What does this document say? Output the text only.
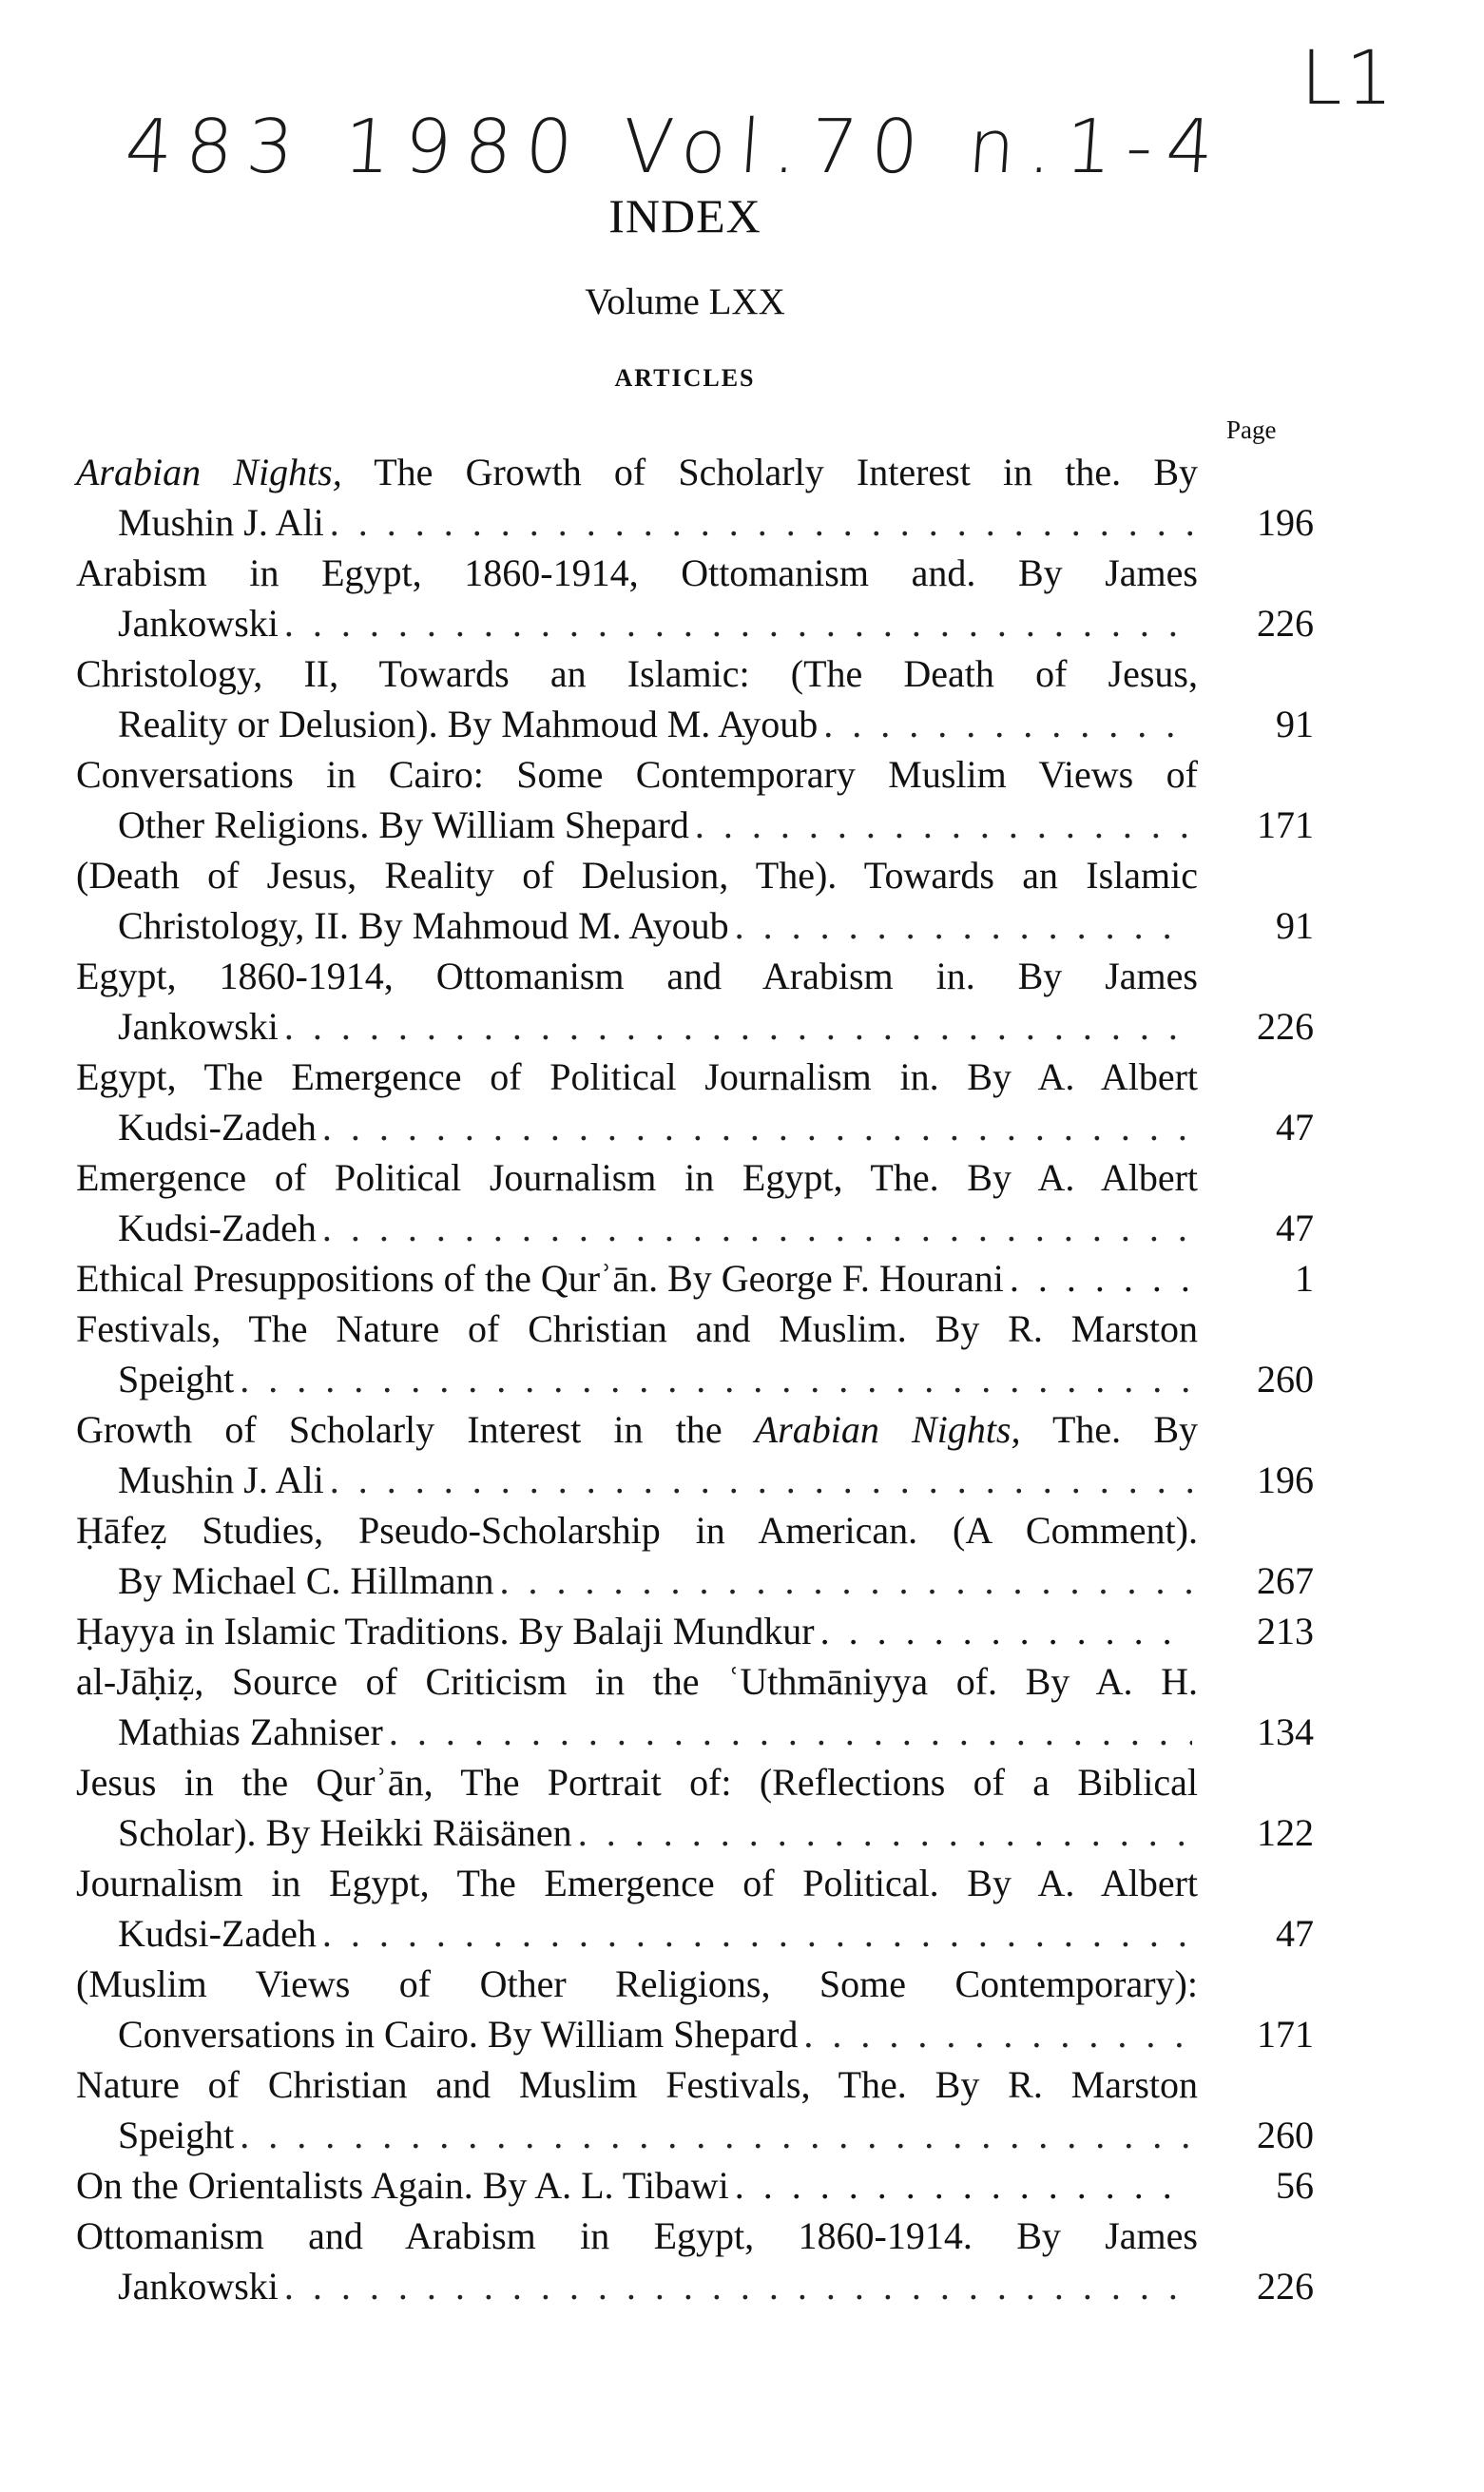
483 1980 Vol.70 n.1-4
L1
INDEX
Volume LXX
ARTICLES
Page
Arabian Nights, The Growth of Scholarly Interest in the. By
Mushin J. Ali . . .	196
Arabism in Egypt, 1860-1914, Ottomanism and. By James
Jankowski . . .	226
Christology, II, Towards an Islamic: (The Death of Jesus,
Reality or Delusion). By Mahmoud M. Ayoub . . .	91
Conversations in Cairo: Some Contemporary Muslim Views of
Other Religions. By William Shepard . . .	171
(Death of Jesus, Reality of Delusion, The). Towards an Islamic
Christology, II. By Mahmoud M. Ayoub . . .	91
Egypt, 1860-1914, Ottomanism and Arabism in. By James
Jankowski . . .	226
Egypt, The Emergence of Political Journalism in. By A. Albert
Kudsi-Zadeh . . .	47
Emergence of Political Journalism in Egypt, The. By A. Albert
Kudsi-Zadeh . . .	47
Ethical Presuppositions of the Qurʾān. By George F. Hourani . . .	1
Festivals, The Nature of Christian and Muslim. By R. Marston
Speight . . .	260
Growth of Scholarly Interest in the Arabian Nights, The. By
Mushin J. Ali . . .	196
Ḥāfeẓ Studies, Pseudo-Scholarship in American. (A Comment).
By Michael C. Hillmann . . .	267
Ḥayya in Islamic Traditions. By Balaji Mundkur . . .	213
al-Jāḥiẓ, Source of Criticism in the ʿUthmāniyya of. By A. H.
Mathias Zahniser . . .	134
Jesus in the Qurʾān, The Portrait of: (Reflections of a Biblical
Scholar). By Heikki Räisänen . . .	122
Journalism in Egypt, The Emergence of Political. By A. Albert
Kudsi-Zadeh . . .	47
(Muslim Views of Other Religions, Some Contemporary):
Conversations in Cairo. By William Shepard . . .	171
Nature of Christian and Muslim Festivals, The. By R. Marston
Speight . . .	260
On the Orientalists Again. By A. L. Tibawi . . .	56
Ottomanism and Arabism in Egypt, 1860-1914. By James
Jankowski . . .	226
